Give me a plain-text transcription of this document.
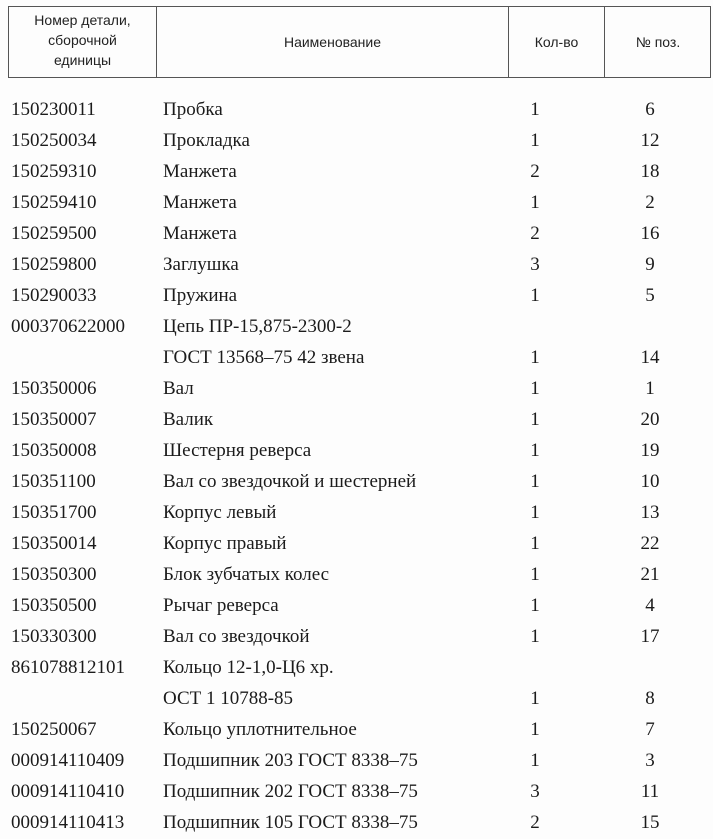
Номер детали,
сборочной
единицы
Наименование	Кол-во	№ поз.
150230011	Пробка	1	6
150250034	Прокладка	1	12
150259310	Манжета	2	18
150259410	Манжета	1	2
150259500	Манжета	2	16
150259800	Заглушка	3	9
150290033	Пружина	1	5
000370622000 Цепь ПР-15,875-2300-2
ГОСТ 13568–75 42 звена	1	14
150350006	Вал	1	1
150350007	Валик	1	20
150350008	Шестерня реверса	1	19
150351100	Вал со звездочкой и шестерней	1	10
150351700	Корпус левый	1	13
150350014	Корпус правый	1	22
150350300	Блок зубчатых колес	1	21
150350500	Рычаг реверса	1	4
150330300	Вал со звездочкой	1	17
861078812101 Кольцо 12-1,0-Ц6 хр.
ОСТ 1 10788-85	1	8
150250067	Кольцо уплотнительное	1	7
000914110409 Подшипник 203 ГОСТ 8338–75	1	3
000914110410 Подшипник 202 ГОСТ 8338–75	3	11
000914110413 Подшипник 105 ГОСТ 8338–75	2	15
